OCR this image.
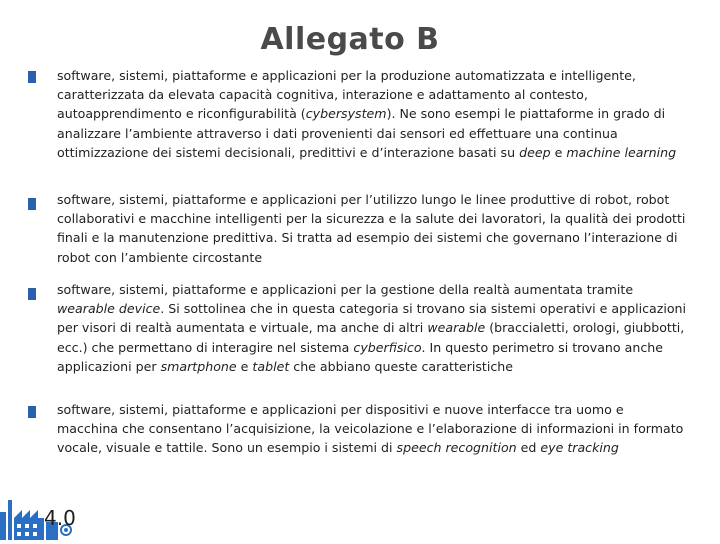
Allegato B
software, sistemi, piattaforme e applicazioni per la produzione automatizzata e intelligente, caratterizzata da elevata capacità cognitiva, interazione e adattamento al contesto, autoapprendimento e riconfigurabilità (cybersystem). Ne sono esempi le piattaforme in grado di analizzare l’ambiente attraverso i dati provenienti dai sensori ed effettuare una continua ottimizzazione dei sistemi decisionali, predittivi e d’interazione basati su deep e machine learning
software, sistemi, piattaforme e applicazioni per l’utilizzo lungo le linee produttive di robot, robot collaborativi e macchine intelligenti per la sicurezza e la salute dei lavoratori, la qualità dei prodotti finali e la manutenzione predittiva. Si tratta ad esempio dei sistemi che governano l’interazione di robot con l’ambiente circostante
software, sistemi, piattaforme e applicazioni per la gestione della realtà aumentata tramite wearable device. Si sottolinea che in questa categoria si trovano sia sistemi operativi e applicazioni per visori di realtà aumentata e virtuale, ma anche di altri wearable (braccialetti, orologi, giubbotti, ecc.) che permettano di interagire nel sistema cyberfisico. In questo perimetro si trovano anche applicazioni per smartphone e tablet che abbiano queste caratteristiche
software, sistemi, piattaforme e applicazioni per dispositivi e nuove interfacce tra uomo e macchina che consentano l’acquisizione, la veicolazione e l’elaborazione di informazioni in formato vocale, visuale e tattile. Sono un esempio i sistemi di speech recognition ed eye tracking
4.0
